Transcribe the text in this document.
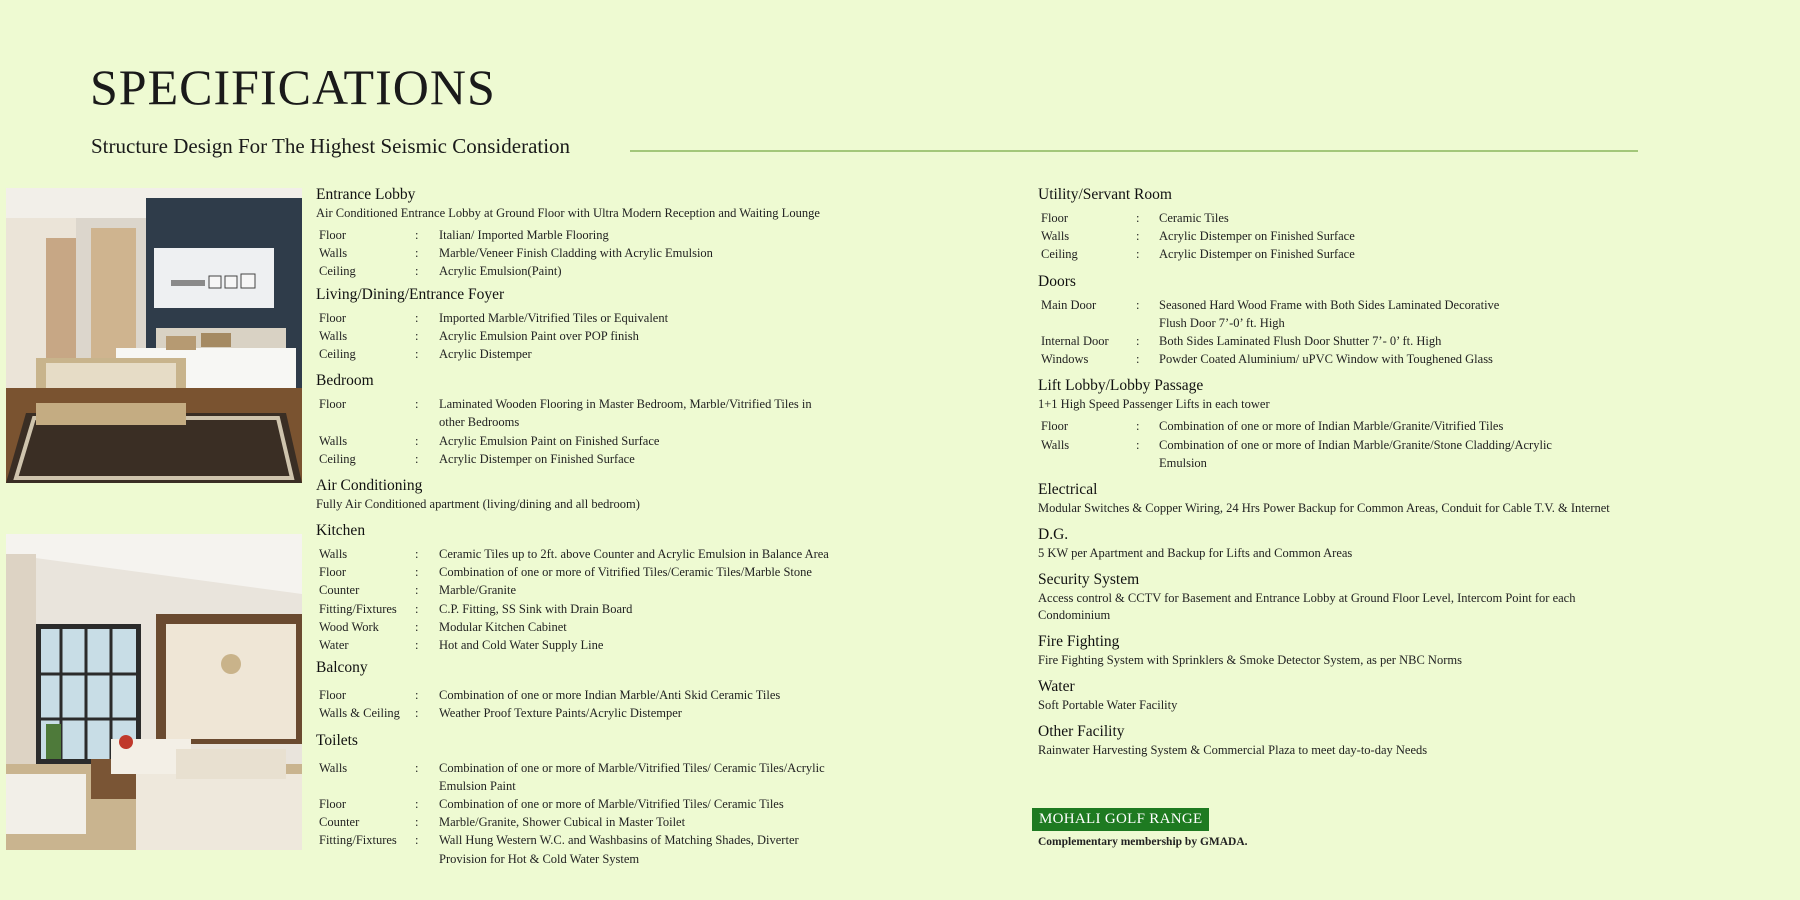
SPECIFICATIONS
Structure Design For The Highest Seismic Consideration
Entrance Lobby
Air Conditioned Entrance Lobby at Ground Floor with Ultra Modern Reception and Waiting Lounge
Floor	:	Italian/ Imported Marble Flooring
Walls	:	Marble/Veneer Finish Cladding with Acrylic Emulsion
Ceiling	:	Acrylic Emulsion(Paint)
Living/Dining/Entrance Foyer
Floor	:	Imported Marble/Vitrified Tiles or Equivalent
Walls	:	Acrylic Emulsion Paint over POP finish
Ceiling	:	Acrylic Distemper
Bedroom
Floor	:	Laminated Wooden Flooring in Master Bedroom, Marble/Vitrified Tiles in
other Bedrooms
Walls	:	Acrylic Emulsion Paint on Finished Surface
Ceiling	:	Acrylic Distemper on Finished Surface
Air Conditioning
Fully Air Conditioned apartment (living/dining and all bedroom)
Kitchen
Walls	:	Ceramic Tiles up to 2ft. above Counter and Acrylic Emulsion in Balance Area
Floor	:	Combination of one or more of Vitrified Tiles/Ceramic Tiles/Marble Stone
Counter	:	Marble/Granite
Fitting/Fixtures	:	C.P. Fitting, SS Sink with Drain Board
Wood Work	:	Modular Kitchen Cabinet
Water	:	Hot and Cold Water Supply Line
Balcony
Floor	:	Combination of one or more Indian Marble/Anti Skid Ceramic Tiles
Walls & Ceiling	:	Weather Proof Texture Paints/Acrylic Distemper
Toilets
Walls	:	Combination of one or more of Marble/Vitrified Tiles/ Ceramic Tiles/Acrylic
Emulsion Paint
Floor	:	Combination of one or more of Marble/Vitrified Tiles/ Ceramic Tiles
Counter	:	Marble/Granite, Shower Cubical in Master Toilet
Fitting/Fixtures	:	Wall Hung Western W.C. and Washbasins of Matching Shades, Diverter
Provision for Hot & Cold Water System
Utility/Servant Room
Floor	:	Ceramic Tiles
Walls	:	Acrylic Distemper on Finished Surface
Ceiling	:	Acrylic Distemper on Finished Surface
Doors
Main Door	:	Seasoned Hard Wood Frame with Both Sides Laminated Decorative
Flush Door 7’-0’ ft. High
Internal Door	:	Both Sides Laminated Flush Door Shutter 7’- 0’ ft. High
Windows	:	Powder Coated Aluminium/ uPVC Window with Toughened Glass
Lift Lobby/Lobby Passage
1+1 High Speed Passenger Lifts in each tower
Floor	:	Combination of one or more of Indian Marble/Granite/Vitrified Tiles
Walls	:	Combination of one or more of Indian Marble/Granite/Stone Cladding/Acrylic
Emulsion
Electrical
Modular Switches & Copper Wiring, 24 Hrs Power Backup for Common Areas, Conduit for Cable T.V. & Internet
D.G.
5 KW per Apartment and Backup for Lifts and Common Areas
Security System
Access control & CCTV for Basement and Entrance Lobby at Ground Floor Level, Intercom Point for each
Condominium
Fire Fighting
Fire Fighting System with Sprinklers & Smoke Detector System, as per NBC Norms
Water
Soft Portable Water Facility
Other Facility
Rainwater Harvesting System & Commercial Plaza to meet day-to-day Needs
MOHALI GOLF RANGE
Complementary membership by GMADA.
